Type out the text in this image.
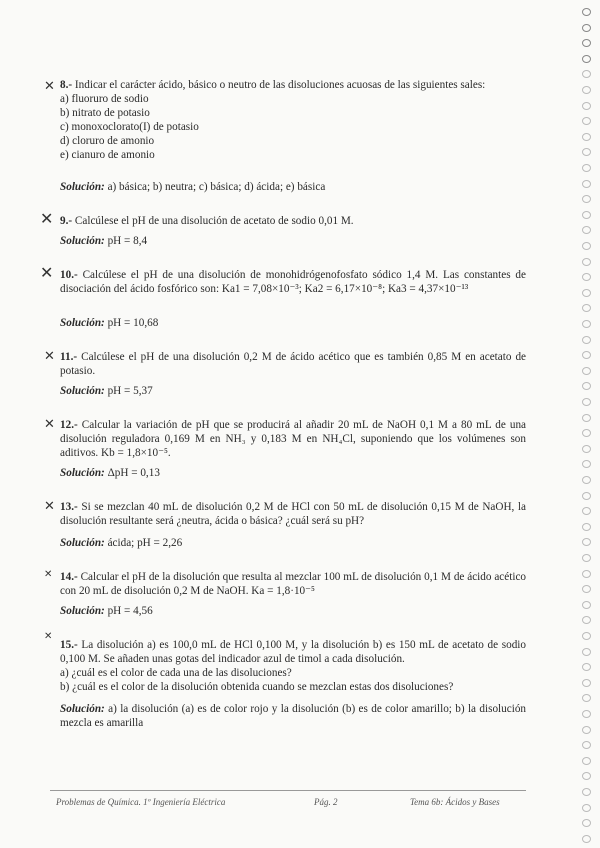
✕ 8.- Indicar el carácter ácido, básico o neutro de las disoluciones acuosas de las siguientes sales:

a) fluoruro de sodio
b) nitrato de potasio
c) monoxoclorato(I) de potasio
d) cloruro de amonio
e) cianuro de amonio
Solución: a) básica; b) neutra; c) básica; d) ácida; e) básica
✕ 9.- Calcúlese el pH de una disolución de acetato de sodio 0,01 M.

Solución: pH = 8,4
✕ 10.- Calcúlese el pH de una disolución de monohidrógenofosfato sódico 1,4 M. Las constantes de disociación del ácido fosfórico son: Ka1 = 7,08×10⁻³; Ka2 = 6,17×10⁻⁸; Ka3 = 4,37×10⁻¹³

Solución: pH = 10,68
✕ 11.- Calcúlese el pH de una disolución 0,2 M de ácido acético que es también 0,85 M en acetato de potasio.

Solución: pH = 5,37
✕ 12.- Calcular la variación de pH que se producirá al añadir 20 mL de NaOH 0,1 M a 80 mL de una disolución reguladora 0,169 M en NH₃ y 0,183 M en NH₄Cl, suponiendo que los volúmenes son aditivos. Kb = 1,8×10⁻⁵.

Solución: ΔpH = 0,13
✕ 13.- Si se mezclan 40 mL de disolución 0,2 M de HCl con 50 mL de disolución 0,15 M de NaOH, la disolución resultante será ¿neutra, ácida o básica? ¿cuál será su pH?

Solución: ácida; pH = 2,26
✕ 14.- Calcular el pH de la disolución que resulta al mezclar 100 mL de disolución 0,1 M de ácido acético con 20 mL de disolución 0,2 M de NaOH. Ka = 1,8·10⁻⁵

Solución: pH = 4,56
✕

15.- La disolución a) es 100,0 mL de HCl 0,100 M, y la disolución b) es 150 mL de acetato de sodio 0,100 M. Se añaden unas gotas del indicador azul de timol a cada disolución.

a) ¿cuál es el color de cada una de las disoluciones?
b) ¿cuál es el color de la disolución obtenida cuando se mezclan estas dos disoluciones?

Solución: a) la disolución (a) es de color rojo y la disolución (b) es de color amarillo; b) la disolución mezcla es amarilla

Problemas de Química. 1º Ingeniería Eléctrica	Pág. 2	Tema 6b: Ácidos y Bases
